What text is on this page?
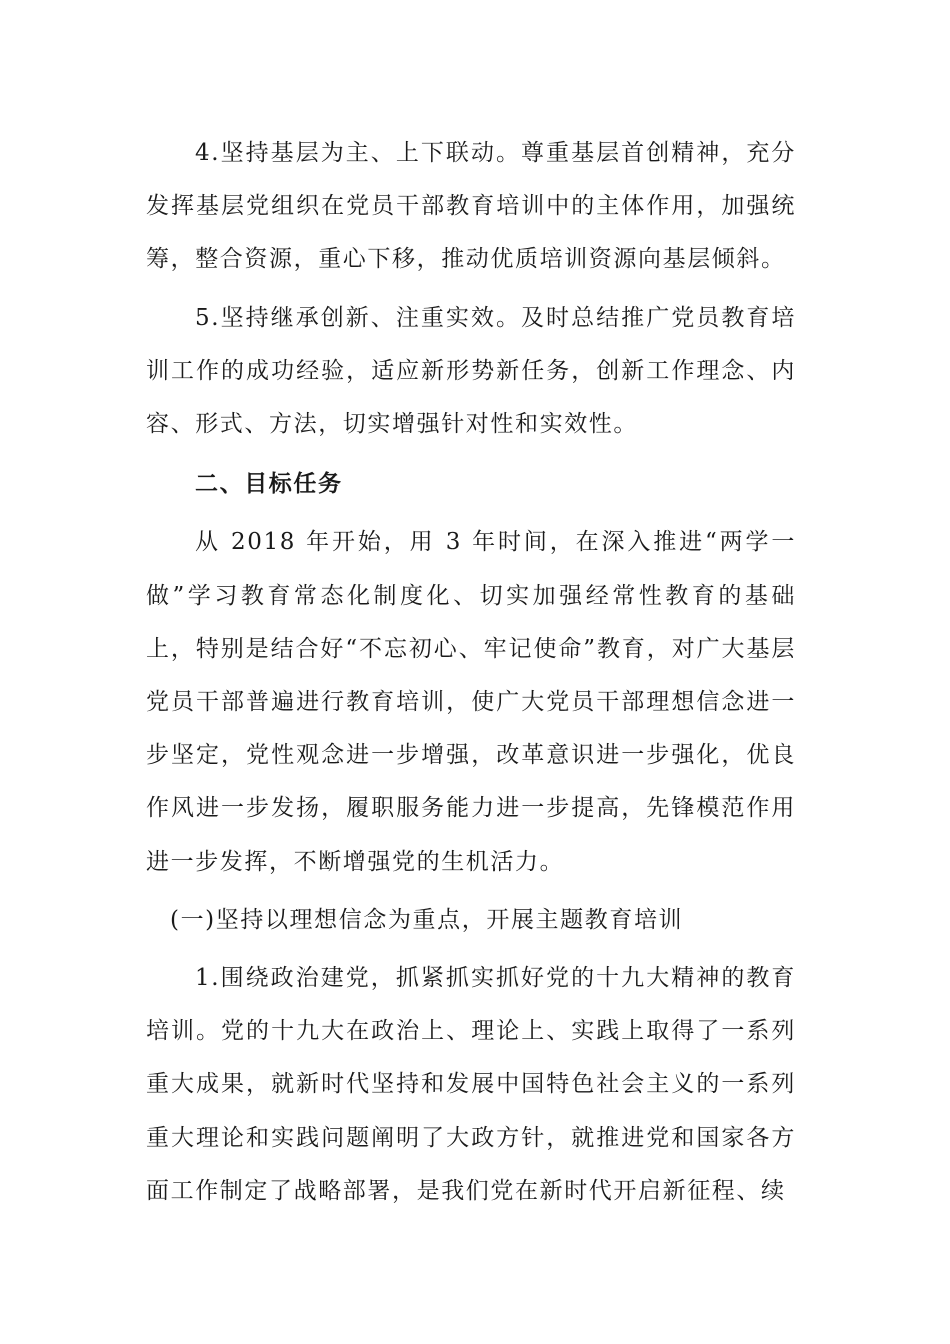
4.坚持基层为主、上下联动。尊重基层首创精神，充分发挥基层党组织在党员干部教育培训中的主体作用，加强统筹，整合资源，重心下移，推动优质培训资源向基层倾斜。

5.坚持继承创新、注重实效。及时总结推广党员教育培训工作的成功经验，适应新形势新任务，创新工作理念、内容、形式、方法，切实增强针对性和实效性。

二、目标任务

从 2018 年开始，用 3 年时间，在深入推进“两学一做”学习教育常态化制度化、切实加强经常性教育的基础上，特别是结合好“不忘初心、牢记使命”教育，对广大基层党员干部普遍进行教育培训，使广大党员干部理想信念进一步坚定，党性观念进一步增强，改革意识进一步强化，优良作风进一步发扬，履职服务能力进一步提高，先锋模范作用进一步发挥，不断增强党的生机活力。

(一)坚持以理想信念为重点，开展主题教育培训

1.围绕政治建党，抓紧抓实抓好党的十九大精神的教育培训。党的十九大在政治上、理论上、实践上取得了一系列重大成果，就新时代坚持和发展中国特色社会主义的一系列重大理论和实践问题阐明了大政方针，就推进党和国家各方面工作制定了战略部署，是我们党在新时代开启新征程、续
